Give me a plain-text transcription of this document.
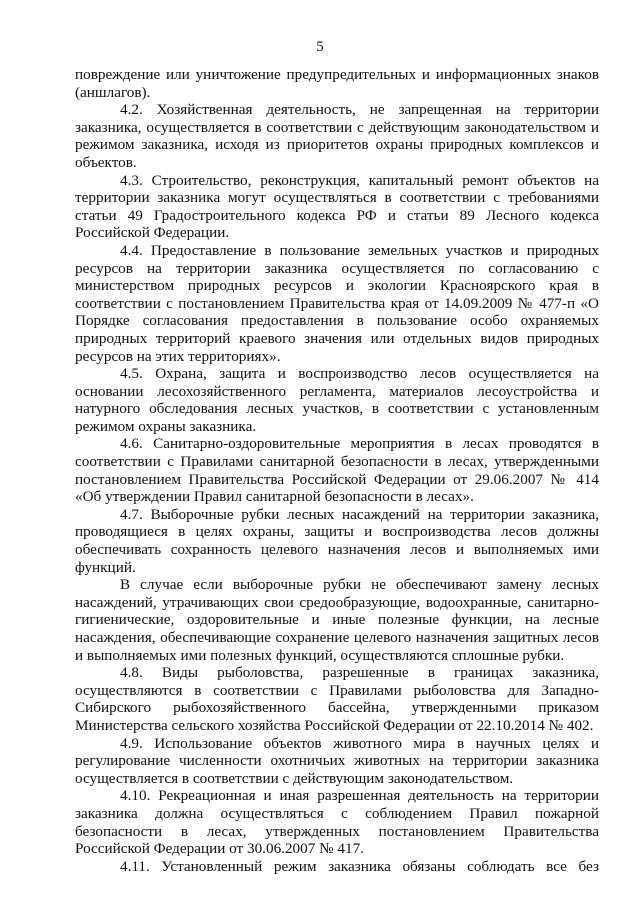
5

повреждение или уничтожение предупредительных и информационных знаков (аншлагов).

4.2. Хозяйственная деятельность, не запрещенная на территории заказника, осуществляется в соответствии с действующим законодательством и режимом заказника, исходя из приоритетов охраны природных комплексов и объектов.

4.3. Строительство, реконструкция, капитальный ремонт объектов на территории заказника могут осуществляться в соответствии с требованиями статьи 49 Градостроительного кодекса РФ и статьи 89 Лесного кодекса Российской Федерации.

4.4. Предоставление в пользование земельных участков и природных ресурсов на территории заказника осуществляется по согласованию с министерством природных ресурсов и экологии Красноярского края в соответствии с постановлением Правительства края от 14.09.2009 № 477-п «О Порядке согласования предоставления в пользование особо охраняемых природных территорий краевого значения или отдельных видов природных ресурсов на этих территориях».

4.5. Охрана, защита и воспроизводство лесов осуществляется на основании лесохозяйственного регламента, материалов лесоустройства и натурного обследования лесных участков, в соответствии с установленным режимом охраны заказника.

4.6. Санитарно-оздоровительные мероприятия в лесах проводятся в соответствии с Правилами санитарной безопасности в лесах, утвержденными постановлением Правительства Российской Федерации от 29.06.2007 № 414 «Об утверждении Правил санитарной безопасности в лесах».

4.7. Выборочные рубки лесных насаждений на территории заказника, проводящиеся в целях охраны, защиты и воспроизводства лесов должны обеспечивать сохранность целевого назначения лесов и выполняемых ими функций.

В случае если выборочные рубки не обеспечивают замену лесных насаждений, утрачивающих свои средообразующие, водоохранные, санитарно-гигиенические, оздоровительные и иные полезные функции, на лесные насаждения, обеспечивающие сохранение целевого назначения защитных лесов и выполняемых ими полезных функций, осуществляются сплошные рубки.

4.8. Виды рыболовства, разрешенные в границах заказника, осуществляются в соответствии с Правилами рыболовства для Западно-Сибирского рыбохозяйственного бассейна, утвержденными приказом Министерства сельского хозяйства Российской Федерации от 22.10.2014 № 402.

4.9. Использование объектов животного мира в научных целях и регулирование численности охотничьих животных на территории заказника осуществляется в соответствии с действующим законодательством.

4.10. Рекреационная и иная разрешенная деятельность на территории заказника должна осуществляться с соблюдением Правил пожарной безопасности в лесах, утвержденных постановлением Правительства Российской Федерации от 30.06.2007 № 417.

4.11. Установленный режим заказника обязаны соблюдать все без
